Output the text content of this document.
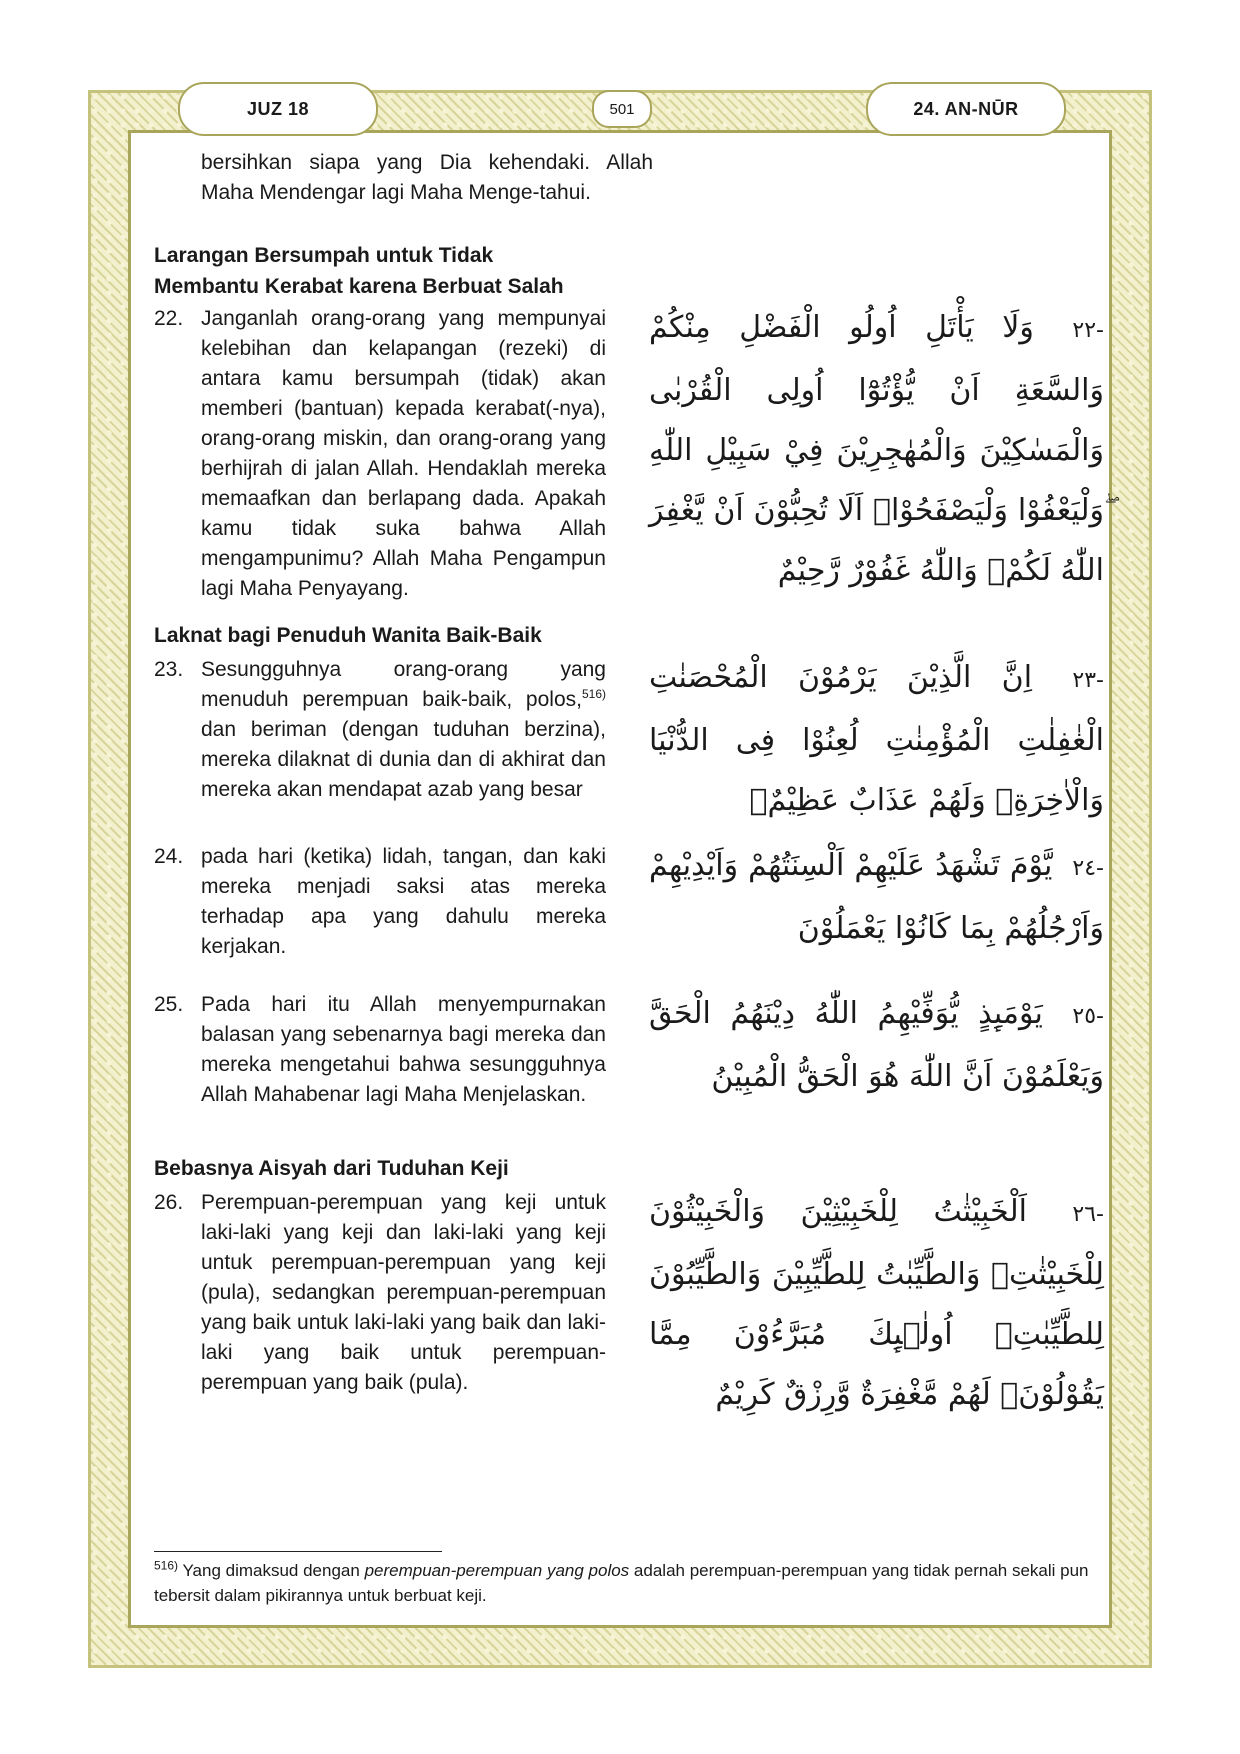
JUZ 18	501	24. AN-NŪR

bersihkan siapa yang Dia kehendaki. Allah Maha Mendengar lagi Maha Menge-tahui.

Larangan Bersumpah untuk Tidak

Membantu Kerabat karena Berbuat Salah

22. Janganlah orang-orang yang mempunyai kelebihan dan kelapangan (rezeki) di antara kamu bersumpah (tidak) akan memberi (bantuan) kepada kerabat(-nya), orang-orang miskin, dan orang-orang yang berhijrah di jalan Allah. Hendaklah mereka memaafkan dan berlapang dada. Apakah kamu tidak suka bahwa Allah mengampunimu? Allah Maha Pengampun lagi Maha Penyayang.

-٢٢ وَلَا يَأْتَلِ اُولُو الْفَضْلِ مِنْكُمْ وَالسَّعَةِ اَنْ يُّؤْتُوْٓا اُولِى الْقُرْبٰى وَالْمَسٰكِيْنَ وَالْمُهٰجِرِيْنَ فِيْ سَبِيْلِ اللّٰهِ ۖوَلْيَعْفُوْا وَلْيَصْفَحُوْاۗ اَلَا تُحِبُّوْنَ اَنْ يَّغْفِرَ اللّٰهُ لَكُمْۗ وَاللّٰهُ غَفُوْرٌ رَّحِيْمٌ

Laknat bagi Penuduh Wanita Baik-Baik

23. Sesungguhnya orang-orang yang menuduh perempuan baik-baik, polos,$^{516)}$ dan beriman (dengan tuduhan berzina), mereka dilaknat di dunia dan di akhirat dan mereka akan mendapat azab yang besar

-٢٣ اِنَّ الَّذِيْنَ يَرْمُوْنَ الْمُحْصَنٰتِ الْغٰفِلٰتِ الْمُؤْمِنٰتِ لُعِنُوْا فِى الدُّنْيَا وَالْاٰخِرَةِۖ وَلَهُمْ عَذَابٌ عَظِيْمٌۙ
24. pada hari (ketika) lidah, tangan, dan kaki mereka menjadi saksi atas mereka terhadap apa yang dahulu mereka kerjakan.

-٢٤ يَّوْمَ تَشْهَدُ عَلَيْهِمْ اَلْسِنَتُهُمْ وَاَيْدِيْهِمْ وَاَرْجُلُهُمْ بِمَا كَانُوْا يَعْمَلُوْنَ
25. Pada hari itu Allah menyempurnakan balasan yang sebenarnya bagi mereka dan mereka mengetahui bahwa sesungguhnya Allah Mahabenar lagi Maha Menjelaskan.

-٢٥ يَوْمَىِٕذٍ يُّوَفِّيْهِمُ اللّٰهُ دِيْنَهُمُ الْحَقَّ وَيَعْلَمُوْنَ اَنَّ اللّٰهَ هُوَ الْحَقُّ الْمُبِيْنُ

Bebasnya Aisyah dari Tuduhan Keji

26. Perempuan-perempuan yang keji untuk laki-laki yang keji dan laki-laki yang keji untuk perempuan-perempuan yang keji (pula), sedangkan perempuan-perempuan yang baik untuk laki-laki yang baik dan laki-laki yang baik untuk perempuan-perempuan yang baik (pula).

-٢٦ اَلْخَبِيْثٰتُ لِلْخَبِيْثِيْنَ وَالْخَبِيْثُوْنَ لِلْخَبِيْثٰتِۚ وَالطَّيِّبٰتُ لِلطَّيِّبِيْنَ وَالطَّيِّبُوْنَ لِلطَّيِّبٰتِۚ اُولٰۤىِٕكَ مُبَرَّءُوْنَ مِمَّا يَقُوْلُوْنَۗ لَهُمْ مَّغْفِرَةٌ وَّرِزْقٌ كَرِيْمٌ
$^{516)}$ Yang dimaksud dengan perempuan-perempuan yang polos adalah perempuan-perempuan yang tidak pernah sekali pun tebersit dalam pikirannya untuk berbuat keji.
